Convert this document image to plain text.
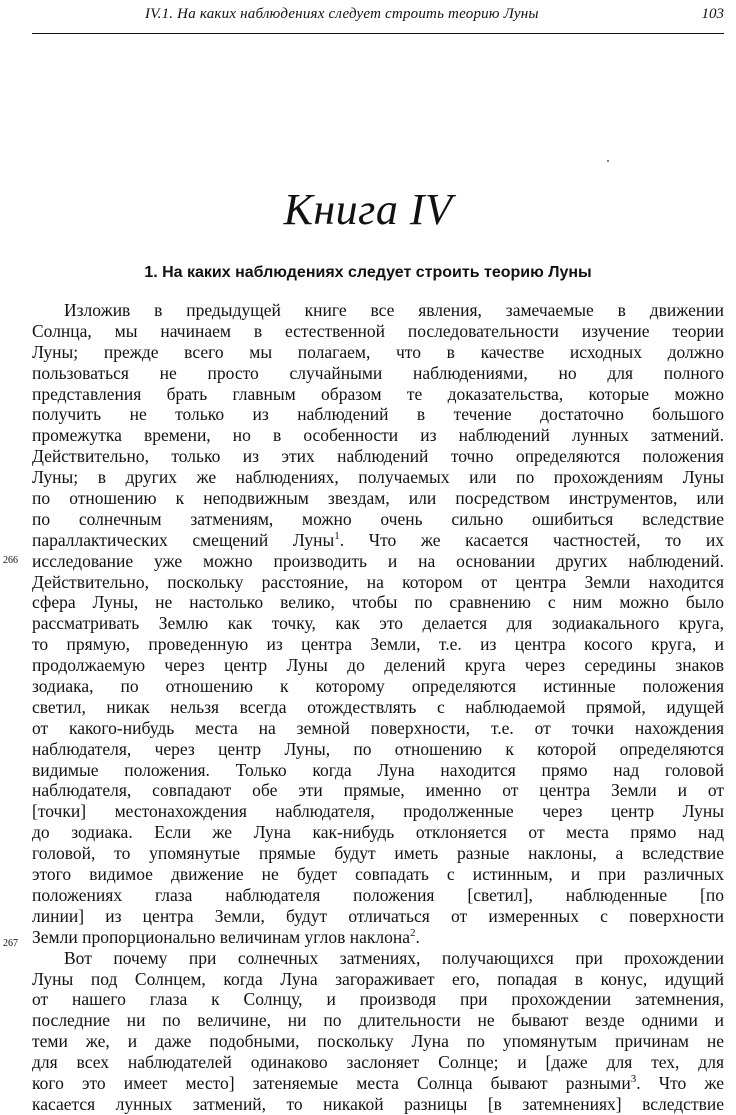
IV.1. На каких наблюдениях следует строить теорию Луны	103
Книга IV
1. На каких наблюдениях следует строить теорию Луны
266
267
Изложив в предыдущей книге все явления, замечаемые в движении
Солнца, мы начинаем в естественной последовательности изучение теории
Луны; прежде всего мы полагаем, что в качестве исходных должно
пользоваться не просто случайными наблюдениями, но для полного
представления брать главным образом те доказательства, которые можно
получить не только из наблюдений в течение достаточно большого
промежутка времени, но в особенности из наблюдений лунных затмений.
Действительно, только из этих наблюдений точно определяются положения
Луны; в других же наблюдениях, получаемых или по прохождениям Луны
по отношению к неподвижным звездам, или посредством инструментов, или
по солнечным затмениям, можно очень сильно ошибиться вследствие
параллактических смещений Луны$^1$. Что же касается частностей, то их
исследование уже можно производить и на основании других наблюдений.
Действительно, поскольку расстояние, на котором от центра Земли находится
сфера Луны, не настолько велико, чтобы по сравнению с ним можно было
рассматривать Землю как точку, как это делается для зодиакального круга,
то прямую, проведенную из центра Земли, т.е. из центра косого круга, и
продолжаемую через центр Луны до делений круга через середины знаков
зодиака, по отношению к которому определяются истинные положения
светил, никак нельзя всегда отождествлять с наблюдаемой прямой, идущей
от какого-нибудь места на земной поверхности, т.е. от точки нахождения
наблюдателя, через центр Луны, по отношению к которой определяются
видимые положения. Только когда Луна находится прямо над головой
наблюдателя, совпадают обе эти прямые, именно от центра Земли и от
[точки] местонахождения наблюдателя, продолженные через центр Луны
до зодиака. Если же Луна как-нибудь отклоняется от места прямо над
головой, то упомянутые прямые будут иметь разные наклоны, а вследствие
этого видимое движение не будет совпадать с истинным, и при различных
положениях глаза наблюдателя положения [светил], наблюденные [по
линии] из центра Земли, будут отличаться от измеренных с поверхности
Земли пропорционально величинам углов наклона$^2$.
Вот почему при солнечных затмениях, получающихся при прохождении
Луны под Солнцем, когда Луна загораживает его, попадая в конус, идущий
от нашего глаза к Солнцу, и производя при прохождении затемнения,
последние ни по величине, ни по длительности не бывают везде одними и
теми же, и даже подобными, поскольку Луна по упомянутым причинам не
для всех наблюдателей одинаково заслоняет Солнце; и [даже для тех, для
кого это имеет место] затеняемые места Солнца бывают разными$^3$. Что же
касается лунных затмений, то никакой разницы [в затемнениях] вследствие
